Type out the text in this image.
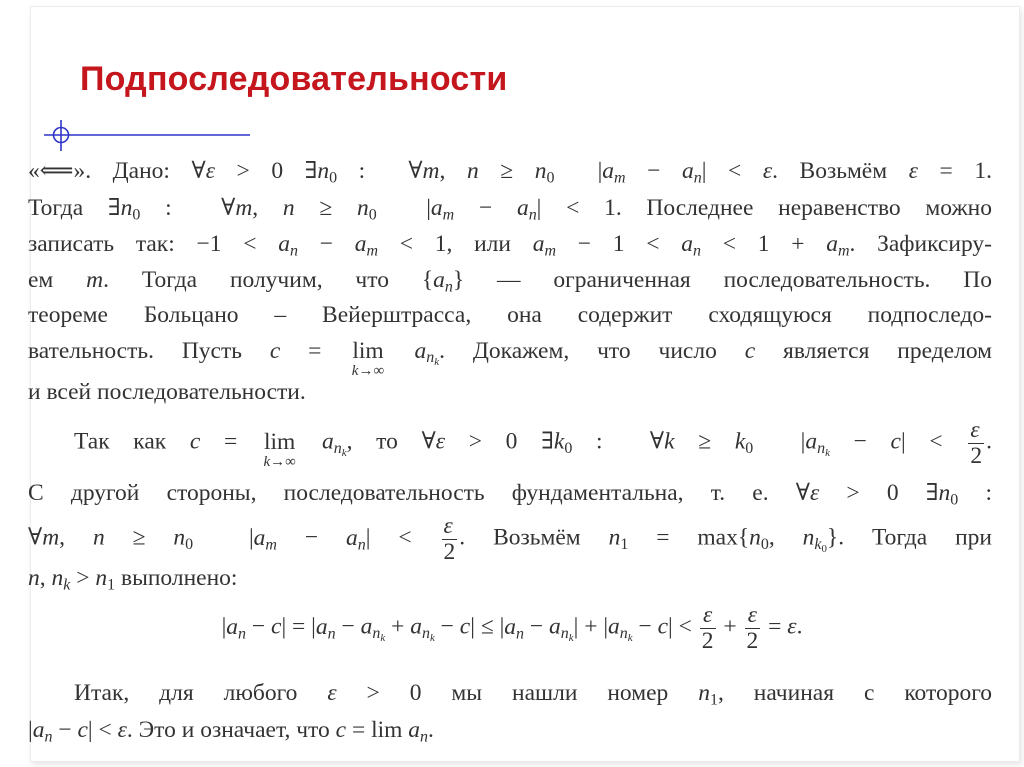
Подпоследовательности
«⟸». Дано: ∀ε > 0 $\exists n_0$ :  ∀m, $n \ge n_0$  $|a_m - a_n| < \varepsilon$. Возьмём ε = 1.
Тогда $\exists n_0$ :  ∀m, $n \ge n_0$  $|a_m - a_n| < 1$. Последнее неравенство можно
записать так: $-1 < a_n - a_m < 1$, или $a_m - 1 < a_n < 1 + a_m$. Зафиксиру-
ем m. Тогда получим, что $\{a_n\}$ — ограниченная последовательность. По
теореме Больцано – Вейерштрасса, она содержит сходящуюся подпоследо-
вательность. Пусть c = lim
k→∞
$a_{n_k}$. Докажем, что число c является пределом
и всей последовательности.
Так как c = lim
k→∞
$a_{n_k}$, то ∀ε > 0 $\exists k_0$ :  ∀k ≥ $k_0$  $|a_{n_k} - c| < \frac{\varepsilon}{2}$ .
С другой стороны, последовательность фундаментальна, т. е. ∀ε > 0 $\exists n_0$ :
∀m, $n \ge n_0$  $|a_m - a_n| < \frac{\varepsilon}{2}$ . Возьмём $n_1 = \max\{n_0$, $n_{k_0}$}. Тогда при
n, $n_k > n_1$ выполнено:
$|a_n - c| = |a_n - a_{n_k} + a_{n_k} - c| \le |a_n - a_{n_k}| + |a_{n_k} - c| < \frac{\varepsilon}{2} + \frac{\varepsilon}{2} = \varepsilon$.
Итак, для любого ε > 0 мы нашли номер $n_1$, начиная с которого
$|a_n - c| < \varepsilon$. Это и означает, что $c = \lim a_n$.
